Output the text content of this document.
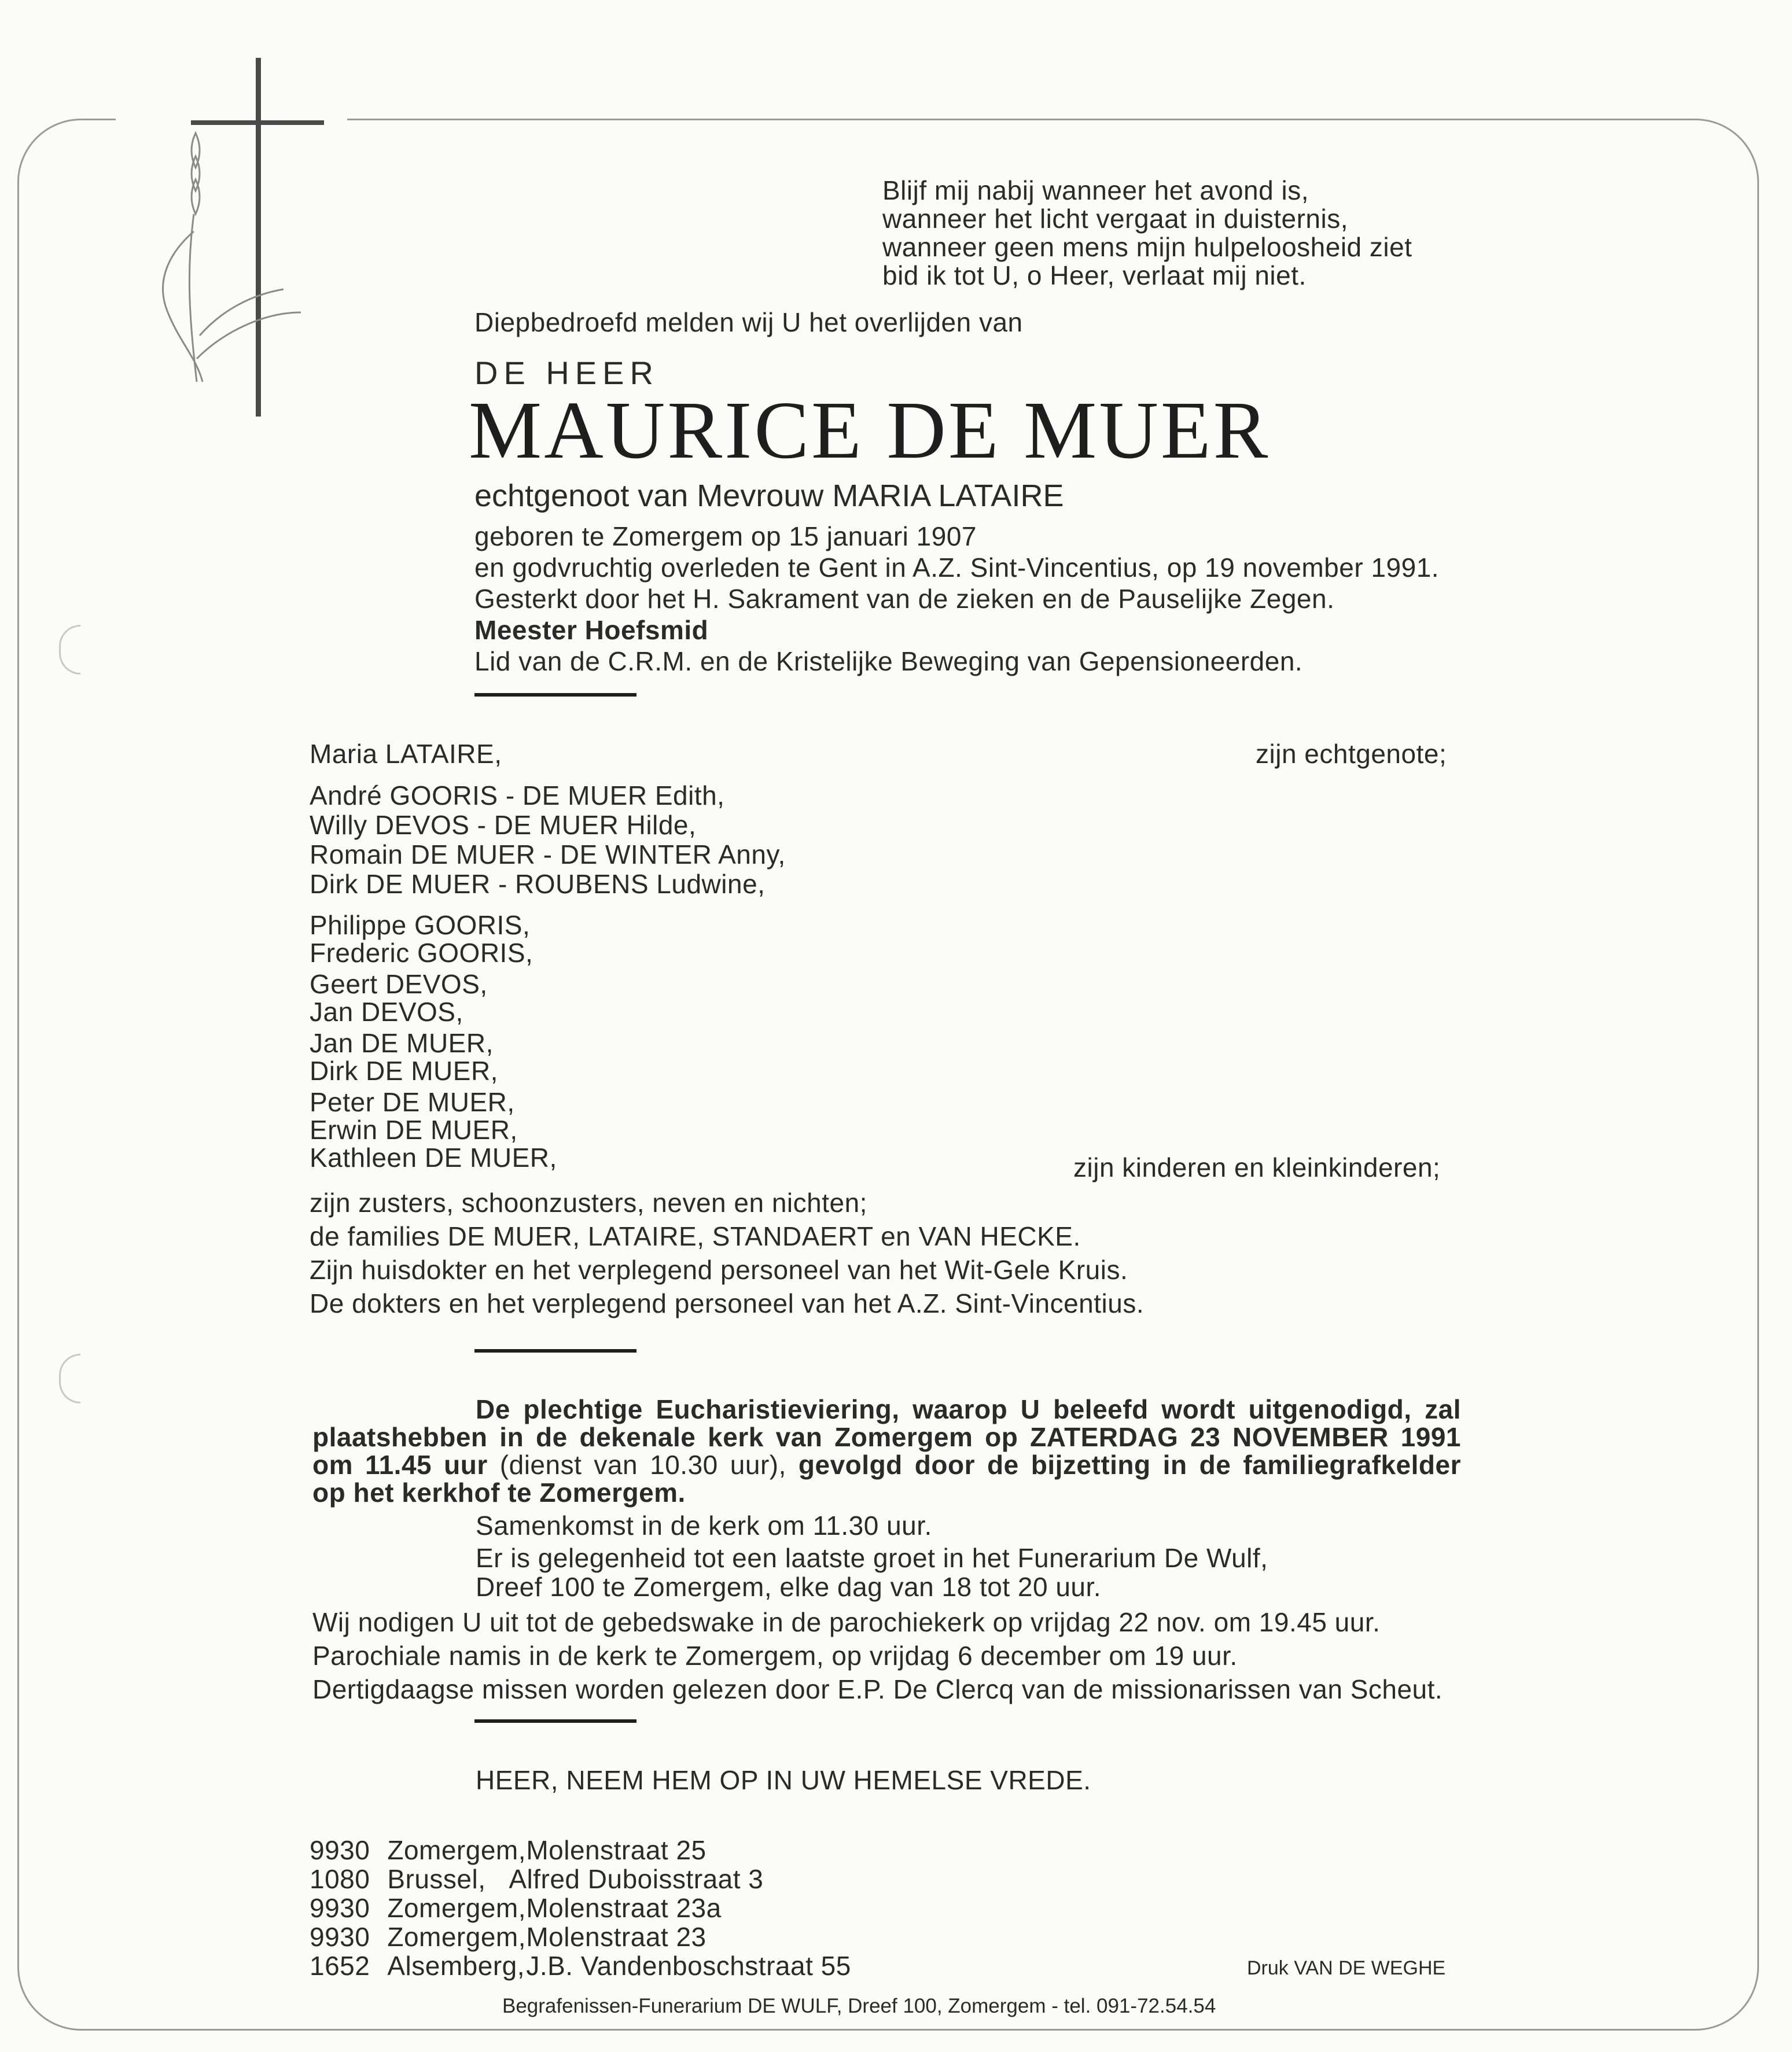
Blijf mij nabij wanneer het avond is,
wanneer het licht vergaat in duisternis,
wanneer geen mens mijn hulpeloosheid ziet
bid ik tot U, o Heer, verlaat mij niet.
Diepbedroefd melden wij U het overlijden van
DE HEER
MAURICE DE MUER
echtgenoot van Mevrouw MARIA LATAIRE
geboren te Zomergem op 15 januari 1907
en godvruchtig overleden te Gent in A.Z. Sint-Vincentius, op 19 november 1991.
Gesterkt door het H. Sakrament van de zieken en de Pauselijke Zegen.
Meester Hoefsmid
Lid van de C.R.M. en de Kristelijke Beweging van Gepensioneerden.
Maria LATAIRE,	zijn echtgenote;
André GOORIS - DE MUER Edith,
Willy DEVOS - DE MUER Hilde,
Romain DE MUER - DE WINTER Anny,
Dirk DE MUER - ROUBENS Ludwine,
Philippe GOORIS,
Frederic GOORIS,
Geert DEVOS,
Jan DEVOS,
Jan DE MUER,
Dirk DE MUER,
Peter DE MUER,
Erwin DE MUER,
Kathleen DE MUER,	zijn kinderen en kleinkinderen;
zijn zusters, schoonzusters, neven en nichten;
de families DE MUER, LATAIRE, STANDAERT en VAN HECKE.
Zijn huisdokter en het verplegend personeel van het Wit-Gele Kruis.
De dokters en het verplegend personeel van het A.Z. Sint-Vincentius.
De plechtige Eucharistieviering, waarop U beleefd wordt uitgenodigd, zal
plaatshebben in de dekenale kerk van Zomergem op ZATERDAG 23 NOVEMBER 1991
om 11.45 uur (dienst van 10.30 uur), gevolgd door de bijzetting in de familiegrafkelder
op het kerkhof te Zomergem.
Samenkomst in de kerk om 11.30 uur.
Er is gelegenheid tot een laatste groet in het Funerarium De Wulf,
Dreef 100 te Zomergem, elke dag van 18 tot 20 uur.
Wij nodigen U uit tot de gebedswake in de parochiekerk op vrijdag 22 nov. om 19.45 uur.
Parochiale namis in de kerk te Zomergem, op vrijdag 6 december om 19 uur.
Dertigdaagse missen worden gelezen door E.P. De Clercq van de missionarissen van Scheut.
HEER, NEEM HEM OP IN UW HEMELSE VREDE.
9930 Zomergem, Molenstraat 25
1080 Brussel, Alfred Duboisstraat 3
9930 Zomergem, Molenstraat 23a
9930 Zomergem, Molenstraat 23
1652 Alsemberg, J.B. Vandenboschstraat 55	Druk VAN DE WEGHE
Begrafenissen-Funerarium DE WULF, Dreef 100, Zomergem - tel. 091-72.54.54
